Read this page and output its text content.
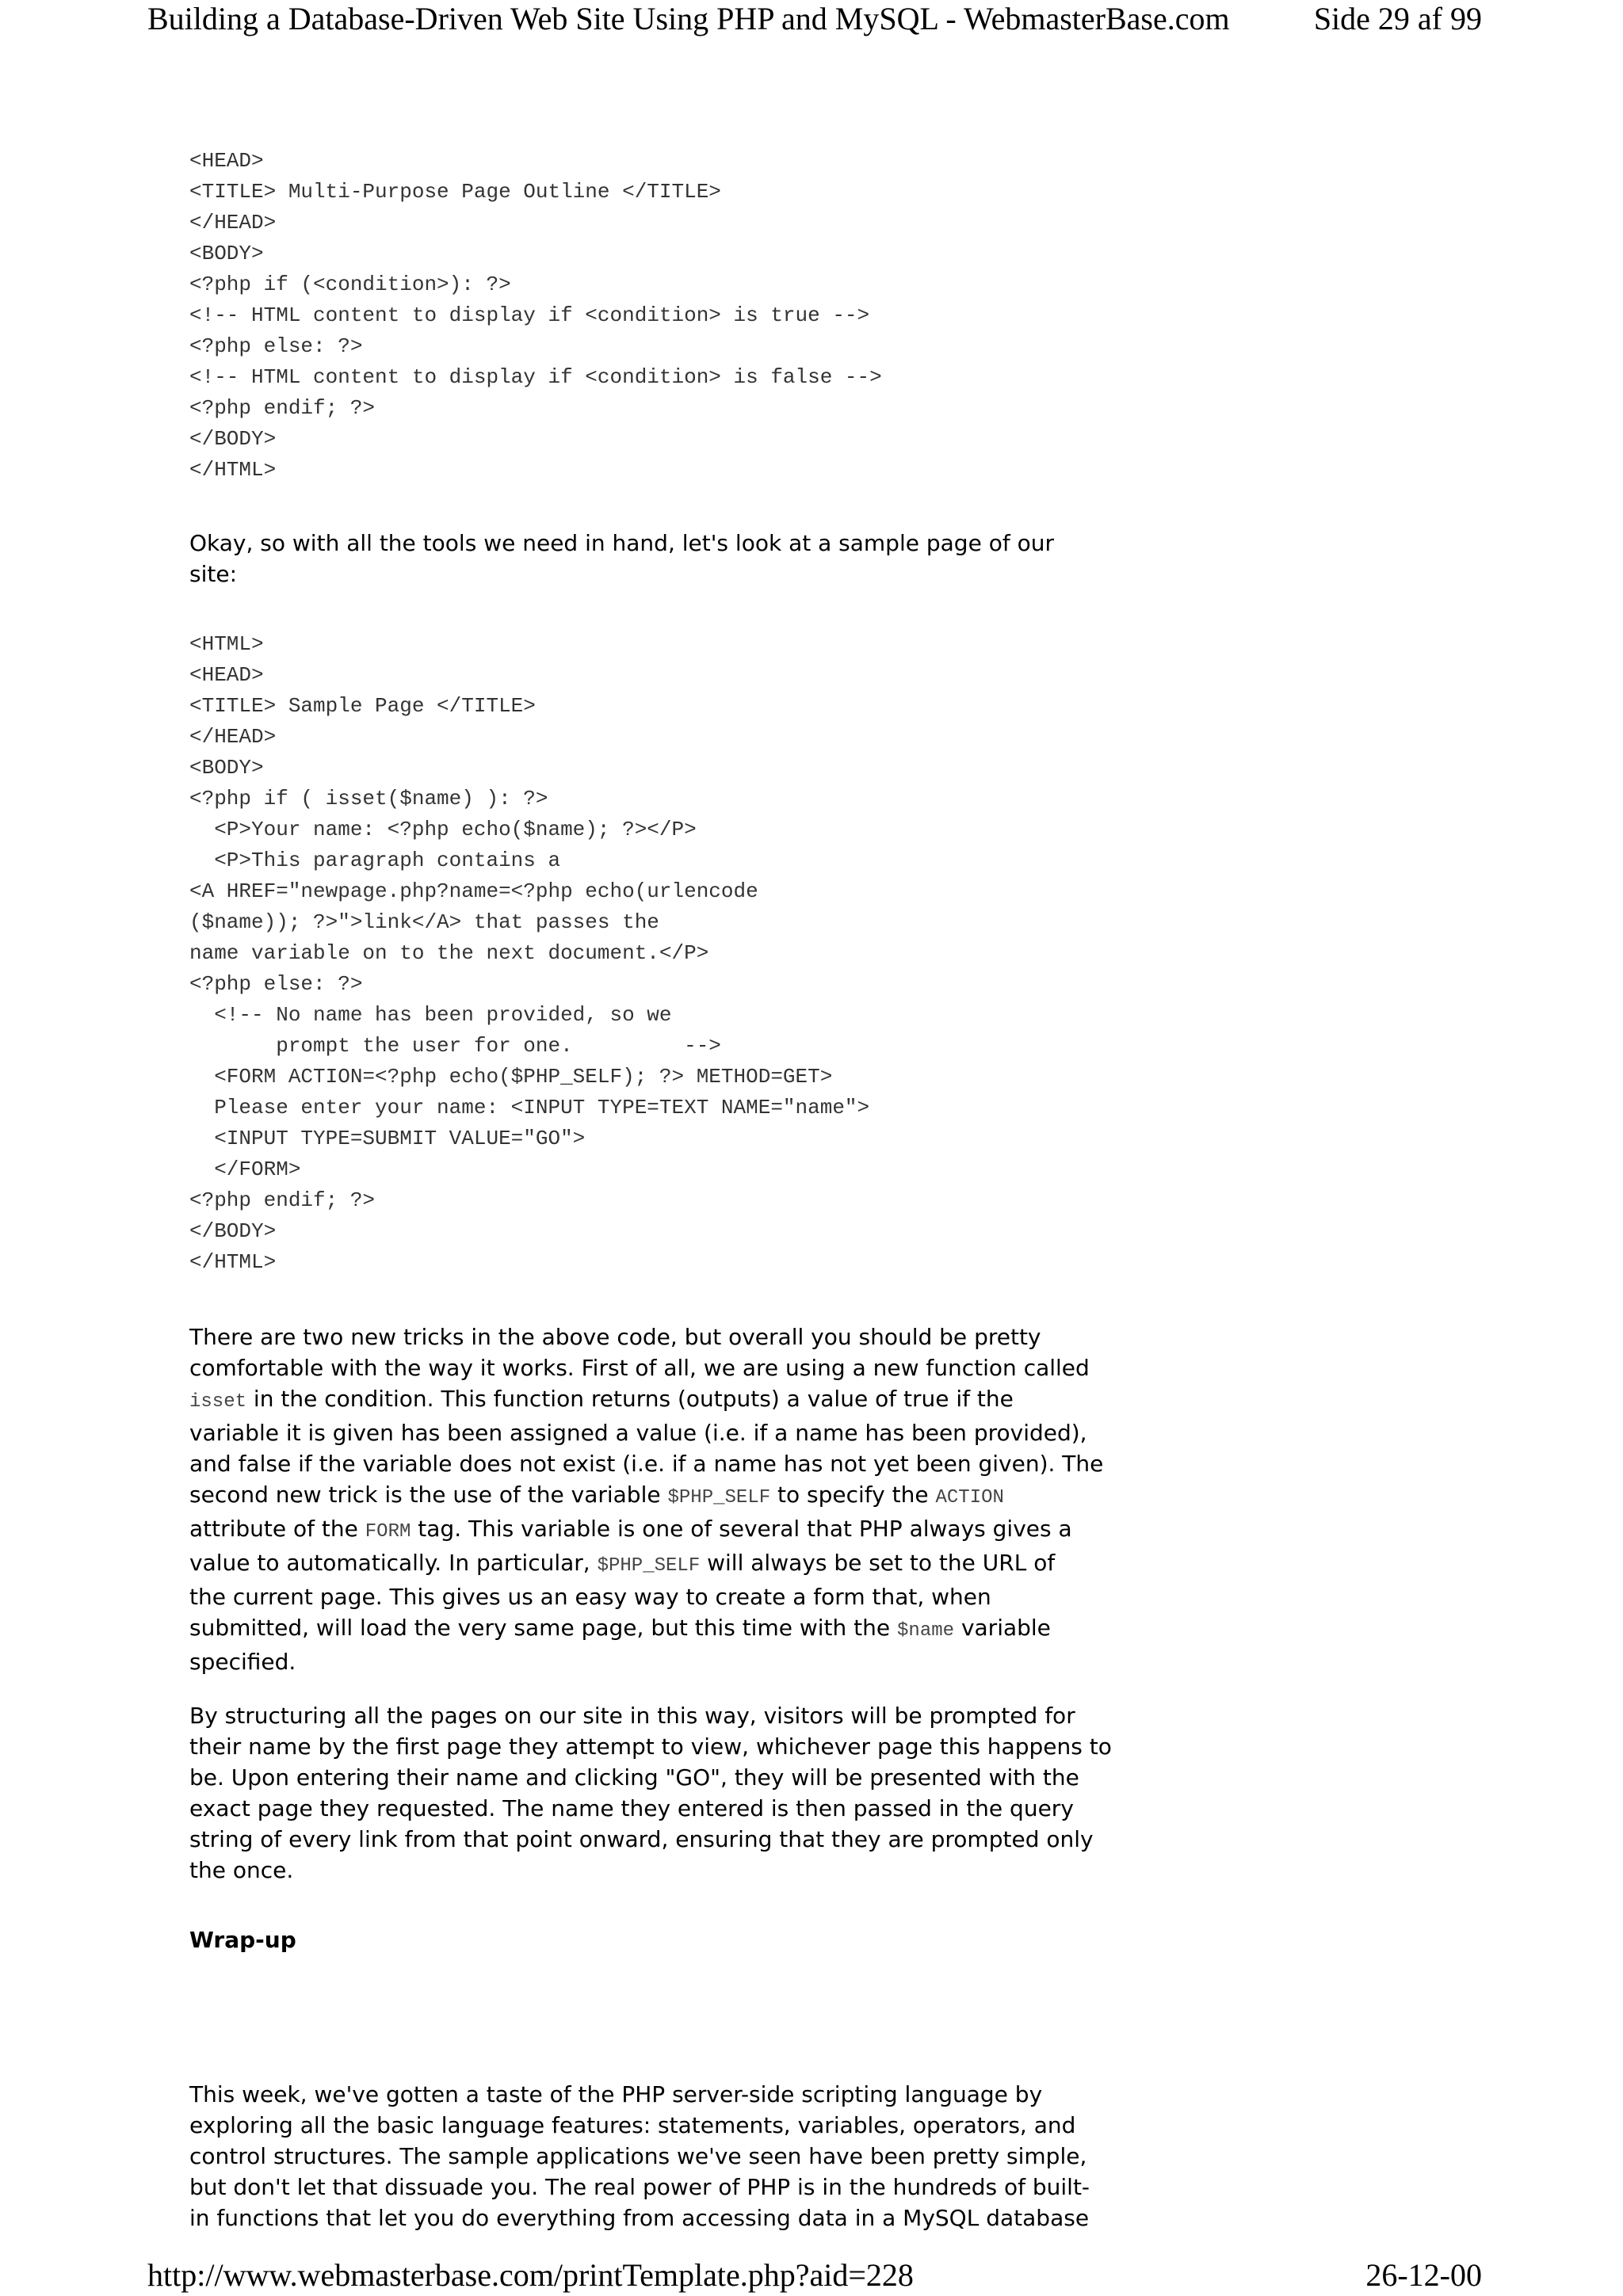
Building a Database-Driven Web Site Using PHP and MySQL - WebmasterBase.com	Side 29 af 99
<HEAD>
<TITLE> Multi-Purpose Page Outline </TITLE>
</HEAD>
<BODY>
<?php if (<condition>): ?>
<!-- HTML content to display if <condition> is true -->
<?php else: ?>
<!-- HTML content to display if <condition> is false -->
<?php endif; ?>
</BODY>
</HTML>

Okay, so with all the tools we need in hand, let's look at a sample page of our
site:

<HTML>
<HEAD>
<TITLE> Sample Page </TITLE>
</HEAD>
<BODY>
<?php if ( isset($name) ): ?>
<P>Your name: <?php echo($name); ?></P>
<P>This paragraph contains a
<A HREF="newpage.php?name=<?php echo(urlencode
($name)); ?>">link</A> that passes the
name variable on to the next document.</P>
<?php else: ?>
<!-- No name has been provided, so we
prompt the user for one.         -->
<FORM ACTION=<?php echo($PHP_SELF); ?> METHOD=GET>
Please enter your name: <INPUT TYPE=TEXT NAME="name">
<INPUT TYPE=SUBMIT VALUE="GO">
</FORM>
<?php endif; ?>
</BODY>
</HTML>

There are two new tricks in the above code, but overall you should be pretty
comfortable with the way it works. First of all, we are using a new function called
isset in the condition. This function returns (outputs) a value of true if the
variable it is given has been assigned a value (i.e. if a name has been provided),
and false if the variable does not exist (i.e. if a name has not yet been given). The
second new trick is the use of the variable $PHP_SELF to specify the ACTION
attribute of the FORM tag. This variable is one of several that PHP always gives a
value to automatically. In particular, $PHP_SELF will always be set to the URL of
the current page. This gives us an easy way to create a form that, when
submitted, will load the very same page, but this time with the $name variable
specified.

By structuring all the pages on our site in this way, visitors will be prompted for
their name by the first page they attempt to view, whichever page this happens to
be. Upon entering their name and clicking "GO", they will be presented with the
exact page they requested. The name they entered is then passed in the query
string of every link from that point onward, ensuring that they are prompted only
the once.

Wrap-up

This week, we've gotten a taste of the PHP server-side scripting language by
exploring all the basic language features: statements, variables, operators, and
control structures. The sample applications we've seen have been pretty simple,
but don't let that dissuade you. The real power of PHP is in the hundreds of built-
in functions that let you do everything from accessing data in a MySQL database

http://www.webmasterbase.com/printTemplate.php?aid=228	26-12-00
